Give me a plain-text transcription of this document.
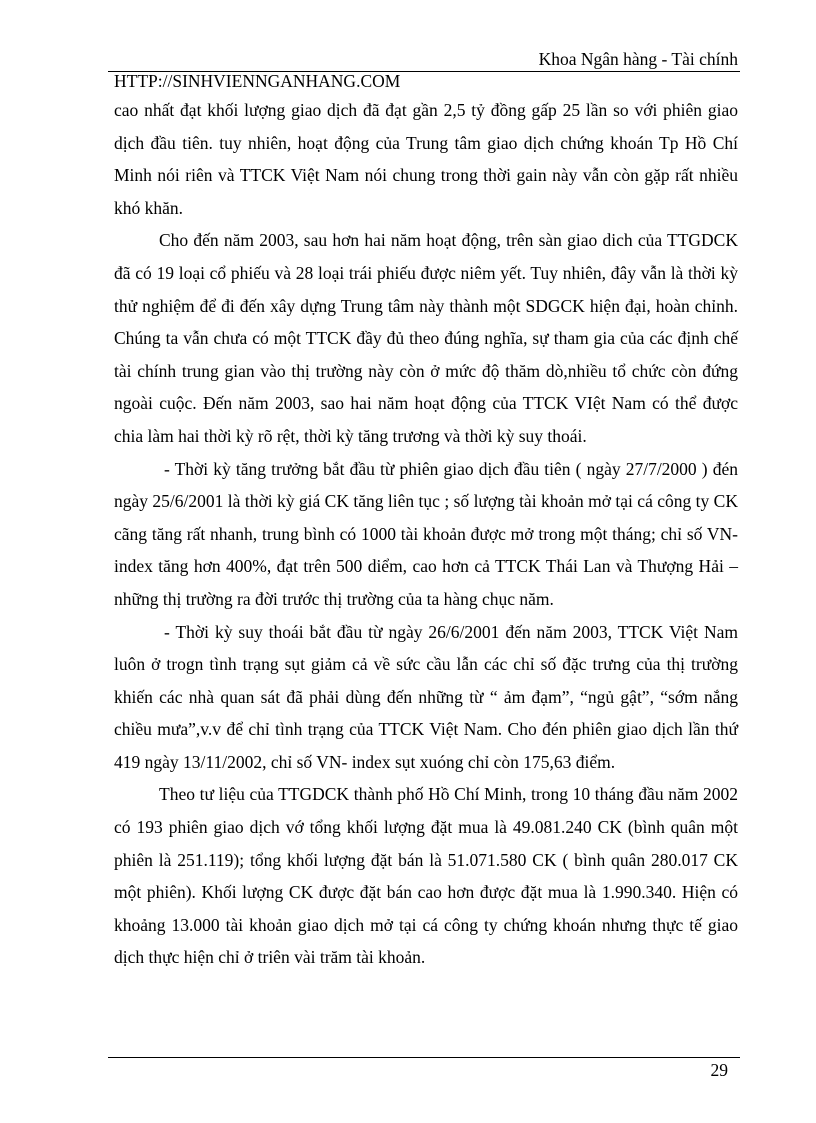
Khoa Ngân hàng - Tài chính
HTTP://SINHVIENNGANHANG.COM

cao nhất đạt khối lượng giao dịch đã đạt gần 2,5 tỷ đồng gấp 25 lần so với phiên giao dịch đầu tiên. tuy nhiên, hoạt động của Trung tâm giao dịch chứng khoán Tp Hồ Chí Minh nói riên và TTCK Việt Nam nói chung trong thời gain này vẫn còn gặp rất nhiều khó khăn.

Cho đến năm 2003, sau hơn hai năm hoạt động, trên sàn giao dich của TTGDCK đã có 19 loại cổ phiếu và 28 loại trái phiếu được niêm yết. Tuy nhiên, đây vẫn là thời kỳ thử nghiệm để đi đến xây dựng Trung tâm này thành một SDGCK hiện đại, hoàn chỉnh. Chúng ta vẫn chưa có một TTCK đầy đủ theo đúng nghĩa, sự tham gia của các định chế tài chính trung gian vào thị trường này còn ở mức độ thăm dò,nhiều tổ chức còn đứng ngoài cuộc. Đến năm 2003, sao hai năm hoạt động của TTCK VIệt Nam có thể được chia làm hai thời kỳ rõ rệt, thời kỳ tăng trương và thời kỳ suy thoái.

- Thời kỳ tăng trưởng bắt đầu từ phiên giao dịch đầu tiên ( ngày 27/7/2000 ) đén ngày 25/6/2001 là thời kỳ giá CK tăng liên tục ; số lượng tài khoản mở tại cá công ty CK cãng tăng rất nhanh, trung bình có 1000 tài khoản được mở trong một tháng; chỉ số VN- index tăng hơn 400%, đạt trên 500 diểm, cao hơn cả TTCK Thái Lan và Thượng Hải – những thị trường ra đời trước thị trường của ta hàng chục năm.

- Thời kỳ suy thoái bắt đầu từ ngày 26/6/2001 đến năm 2003, TTCK Việt Nam luôn ở trogn tình trạng sụt giảm cả về sức cầu lẫn các chỉ số đặc trưng của thị trường khiến các nhà quan sát đã phải dùng đến những từ “ ảm đạm”, “ngủ gật”, “sớm nắng chiều mưa”,v.v để chỉ tình trạng của TTCK Việt Nam. Cho đén phiên giao dịch lần thứ 419 ngày 13/11/2002, chỉ số VN- index sụt xuóng chỉ còn 175,63 điểm.

Theo tư liệu của TTGDCK thành phố Hồ Chí Minh, trong 10 tháng đầu năm 2002 có 193 phiên giao dịch vớ tổng khối lượng đặt mua là 49.081.240 CK (bình quân một phiên là 251.119); tổng khối lượng đặt bán là 51.071.580 CK ( bình quân 280.017 CK một phiên). Khối lượng CK được đặt bán cao hơn được đặt mua là 1.990.340. Hiện có khoảng 13.000 tài khoản giao dịch mở tại cá công ty chứng khoán nhưng thực tế giao dịch thực hiện chỉ ở triên vài trăm tài khoản.

29
